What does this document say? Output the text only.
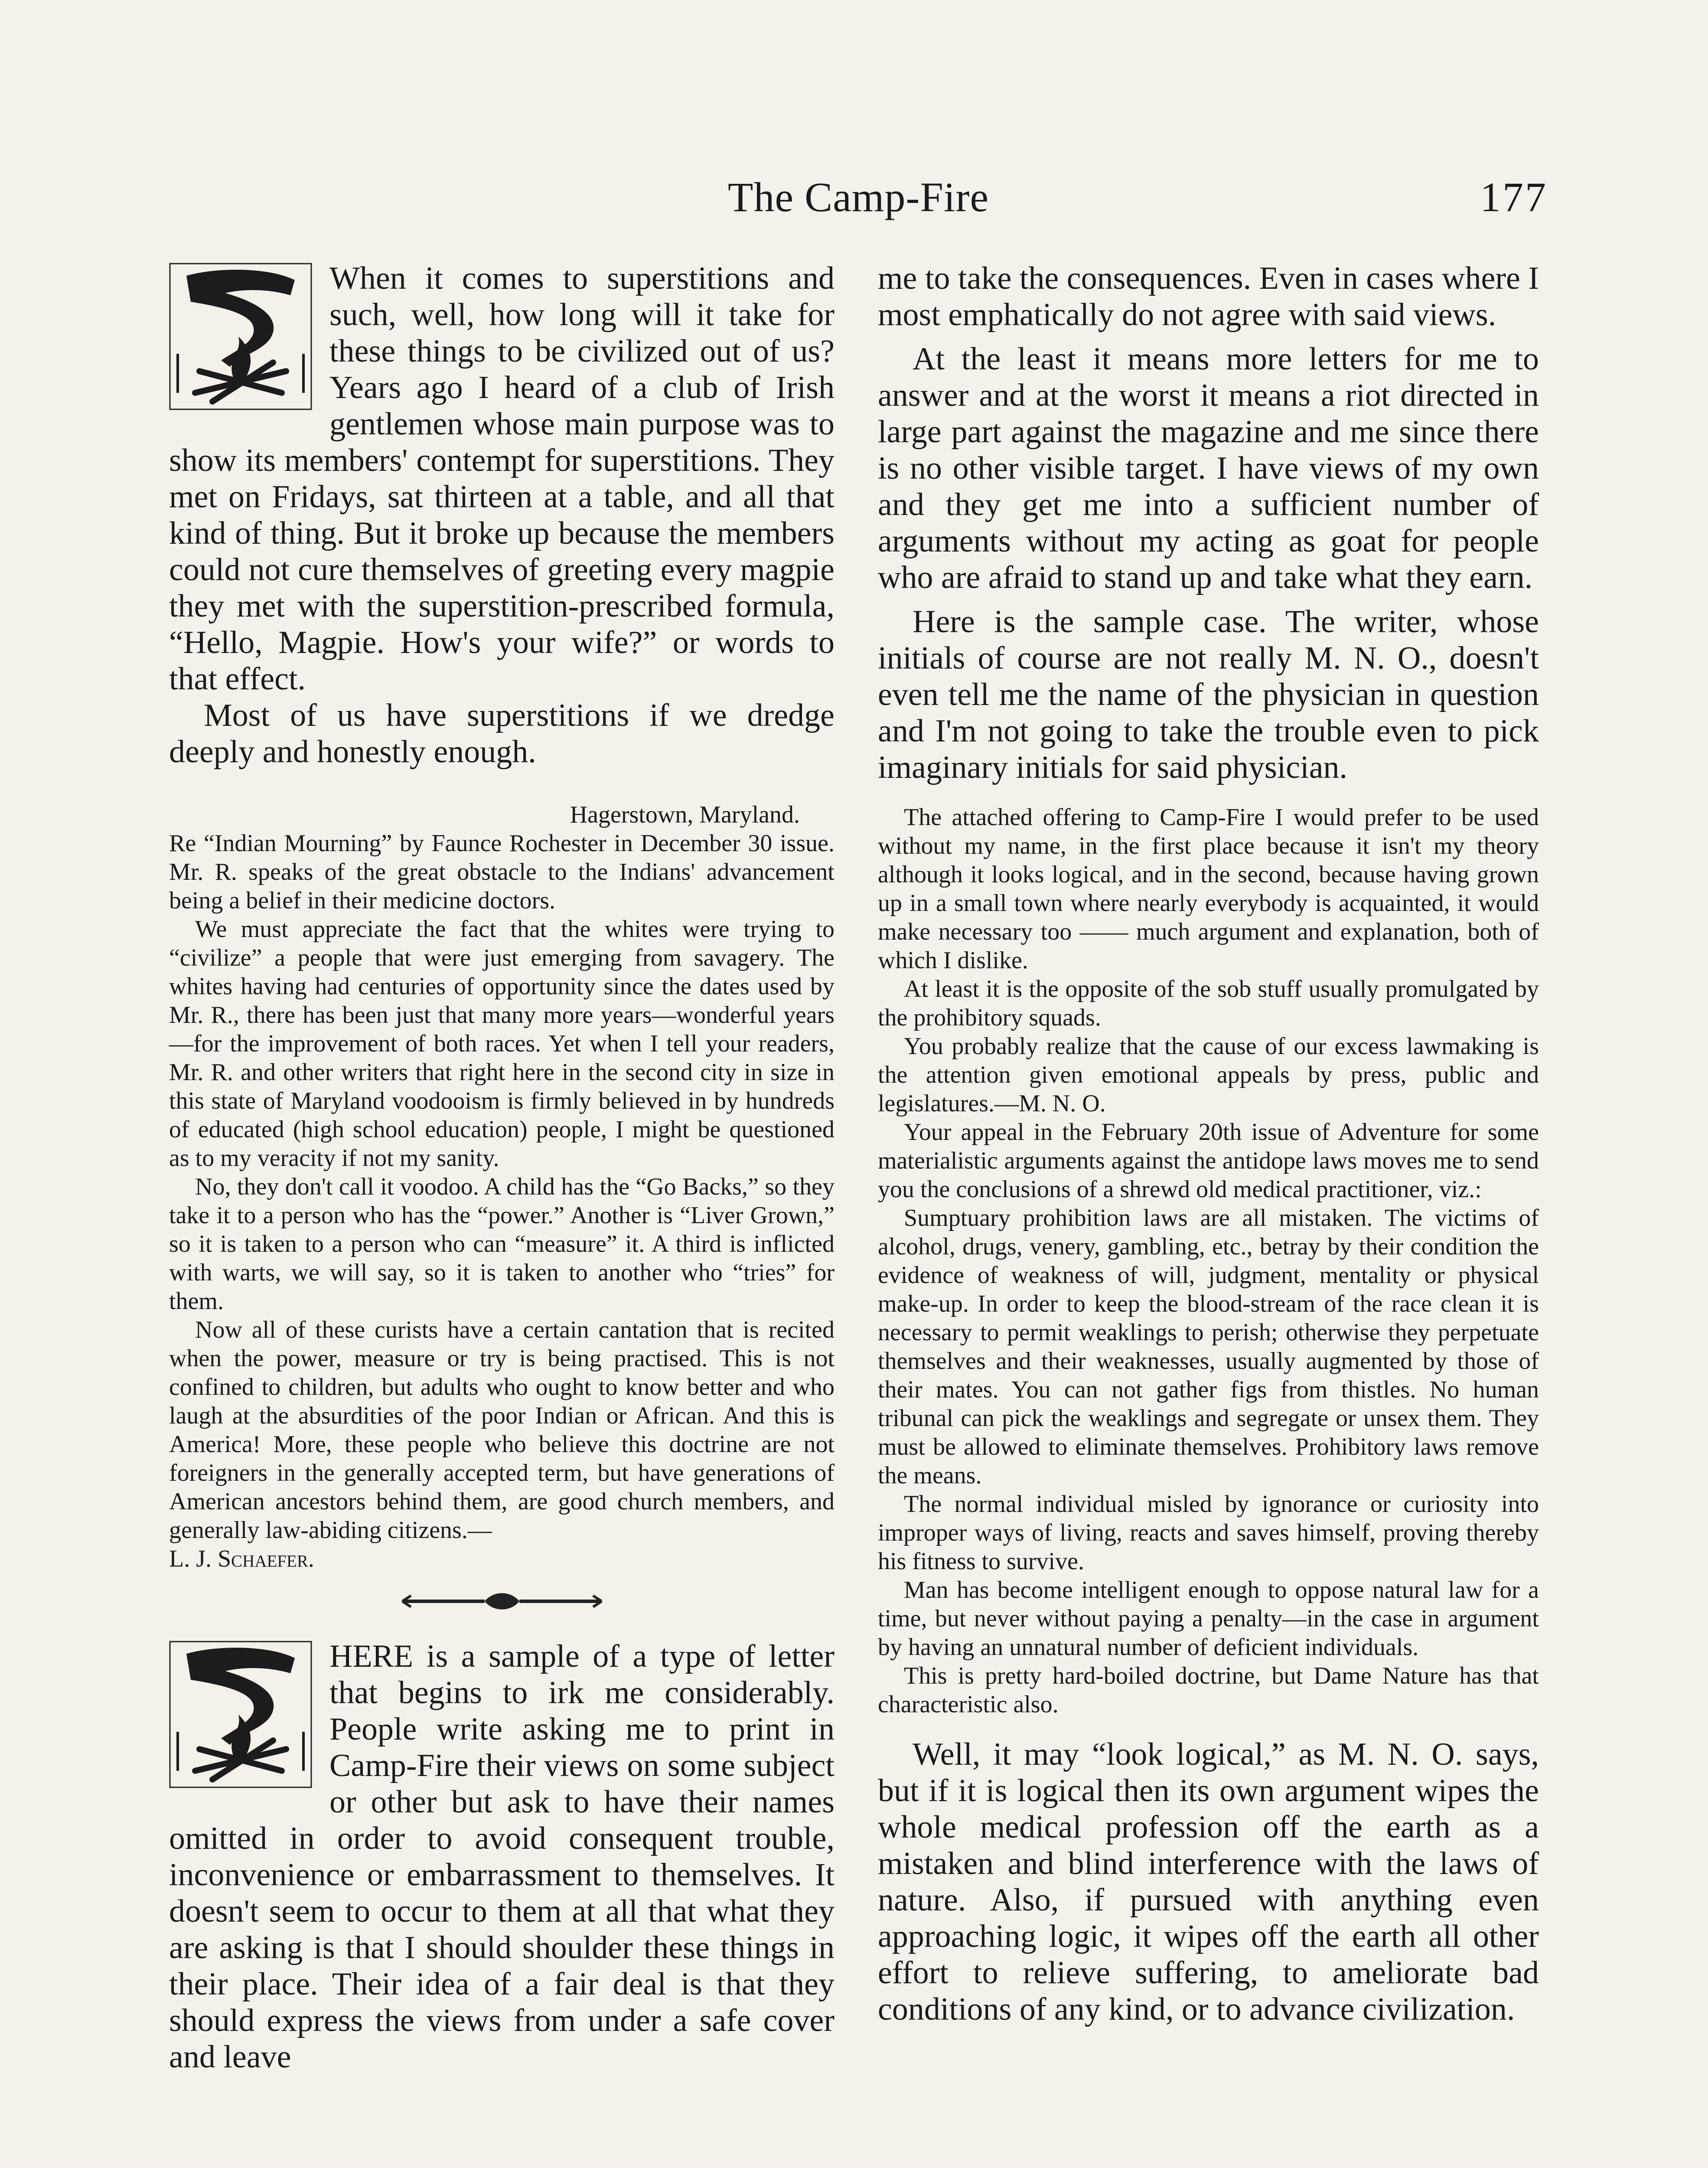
The Camp-Fire	177

When it comes to superstitions and such, well, how long will it take for these things to be civilized out of us? Years ago I heard of a club of Irish gentlemen whose main purpose was to show its members' contempt for superstitions. They met on Fridays, sat thirteen at a table, and all that kind of thing. But it broke up because the members could not cure themselves of greeting every magpie they met with the superstition-prescribed formula, “Hello, Magpie. How's your wife?” or words to that effect.

Most of us have superstitions if we dredge deeply and honestly enough.

Hagerstown, Maryland.

Re “Indian Mourning” by Faunce Rochester in December 30 issue. Mr. R. speaks of the great obstacle to the Indians' advancement being a belief in their medicine doctors.

We must appreciate the fact that the whites were trying to “civilize” a people that were just emerging from savagery. The whites having had centuries of opportunity since the dates used by Mr. R., there has been just that many more years—wonderful years—for the improvement of both races. Yet when I tell your readers, Mr. R. and other writers that right here in the second city in size in this state of Maryland voodooism is firmly believed in by hundreds of educated (high school education) people, I might be questioned as to my veracity if not my sanity.

No, they don't call it voodoo. A child has the “Go Backs,” so they take it to a person who has the “power.” Another is “Liver Grown,” so it is taken to a person who can “measure” it. A third is inflicted with warts, we will say, so it is taken to another who “tries” for them.

Now all of these curists have a certain cantation that is recited when the power, measure or try is being practised. This is not confined to children, but adults who ought to know better and who laugh at the absurdities of the poor Indian or African. And this is America! More, these people who believe this doctrine are not foreigners in the generally accepted term, but have generations of American ancestors behind them, are good church members, and generally law-abiding citizens.—

L. J. Schaefer.

HERE is a sample of a type of letter that begins to irk me considerably. People write asking me to print in Camp-Fire their views on some subject or other but ask to have their names omitted in order to avoid consequent trouble, inconvenience or embarrassment to themselves. It doesn't seem to occur to them at all that what they are asking is that I should shoulder these things in their place. Their idea of a fair deal is that they should express the views from under a safe cover and leave

me to take the consequences. Even in cases where I most emphatically do not agree with said views.

At the least it means more letters for me to answer and at the worst it means a riot directed in large part against the magazine and me since there is no other visible target. I have views of my own and they get me into a sufficient number of arguments without my acting as goat for people who are afraid to stand up and take what they earn.

Here is the sample case. The writer, whose initials of course are not really M. N. O., doesn't even tell me the name of the physician in question and I'm not going to take the trouble even to pick imaginary initials for said physician.

The attached offering to Camp-Fire I would prefer to be used without my name, in the first place because it isn't my theory although it looks logical, and in the second, because having grown up in a small town where nearly everybody is acquainted, it would make necessary too —— much argument and explanation, both of which I dislike.

At least it is the opposite of the sob stuff usually promulgated by the prohibitory squads.

You probably realize that the cause of our excess lawmaking is the attention given emotional appeals by press, public and legislatures.—M. N. O.

Your appeal in the February 20th issue of Adventure for some materialistic arguments against the antidope laws moves me to send you the conclusions of a shrewd old medical practitioner, viz.:

Sumptuary prohibition laws are all mistaken. The victims of alcohol, drugs, venery, gambling, etc., betray by their condition the evidence of weakness of will, judgment, mentality or physical make-up. In order to keep the blood-stream of the race clean it is necessary to permit weaklings to perish; otherwise they perpetuate themselves and their weaknesses, usually augmented by those of their mates. You can not gather figs from thistles. No human tribunal can pick the weaklings and segregate or unsex them. They must be allowed to eliminate themselves. Prohibitory laws remove the means.

The normal individual misled by ignorance or curiosity into improper ways of living, reacts and saves himself, proving thereby his fitness to survive.

Man has become intelligent enough to oppose natural law for a time, but never without paying a penalty—in the case in argument by having an unnatural number of deficient individuals.

This is pretty hard-boiled doctrine, but Dame Nature has that characteristic also.

Well, it may “look logical,” as M. N. O. says, but if it is logical then its own argument wipes the whole medical profession off the earth as a mistaken and blind interference with the laws of nature. Also, if pursued with anything even approaching logic, it wipes off the earth all other effort to relieve suffering, to ameliorate bad conditions of any kind, or to advance civilization.
